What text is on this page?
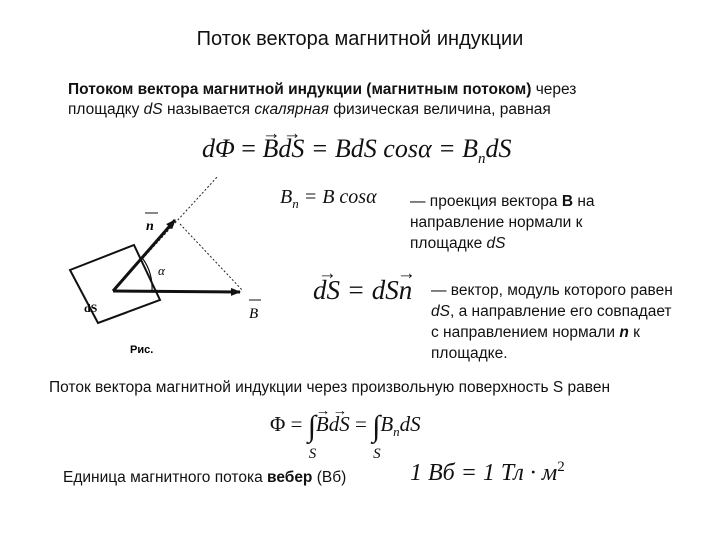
Поток вектора магнитной индукции
Потоком вектора магнитной индукции (магнитным потоком) через
площадку dS называется скалярная физическая величина, равная
dΦ = B →dS → = BdS $\cos\alpha = B_ndS$
$B_n = B$ cosα — проекция вектора B на направление нормали к площадке dS
dS → = dSn → — вектор, модуль которого равен dS, а направление его совпадает с направлением нормали n к площадке.
n
α
dS	B
Рис.
Поток вектора магнитной индукции через произвольную поверхность S равен
Φ = ∫
S
B →dS → = ∫
S
$B_ndS$
Единица магнитного потока вебер (Вб)	1 Вб = 1 Тл · $м^2$
